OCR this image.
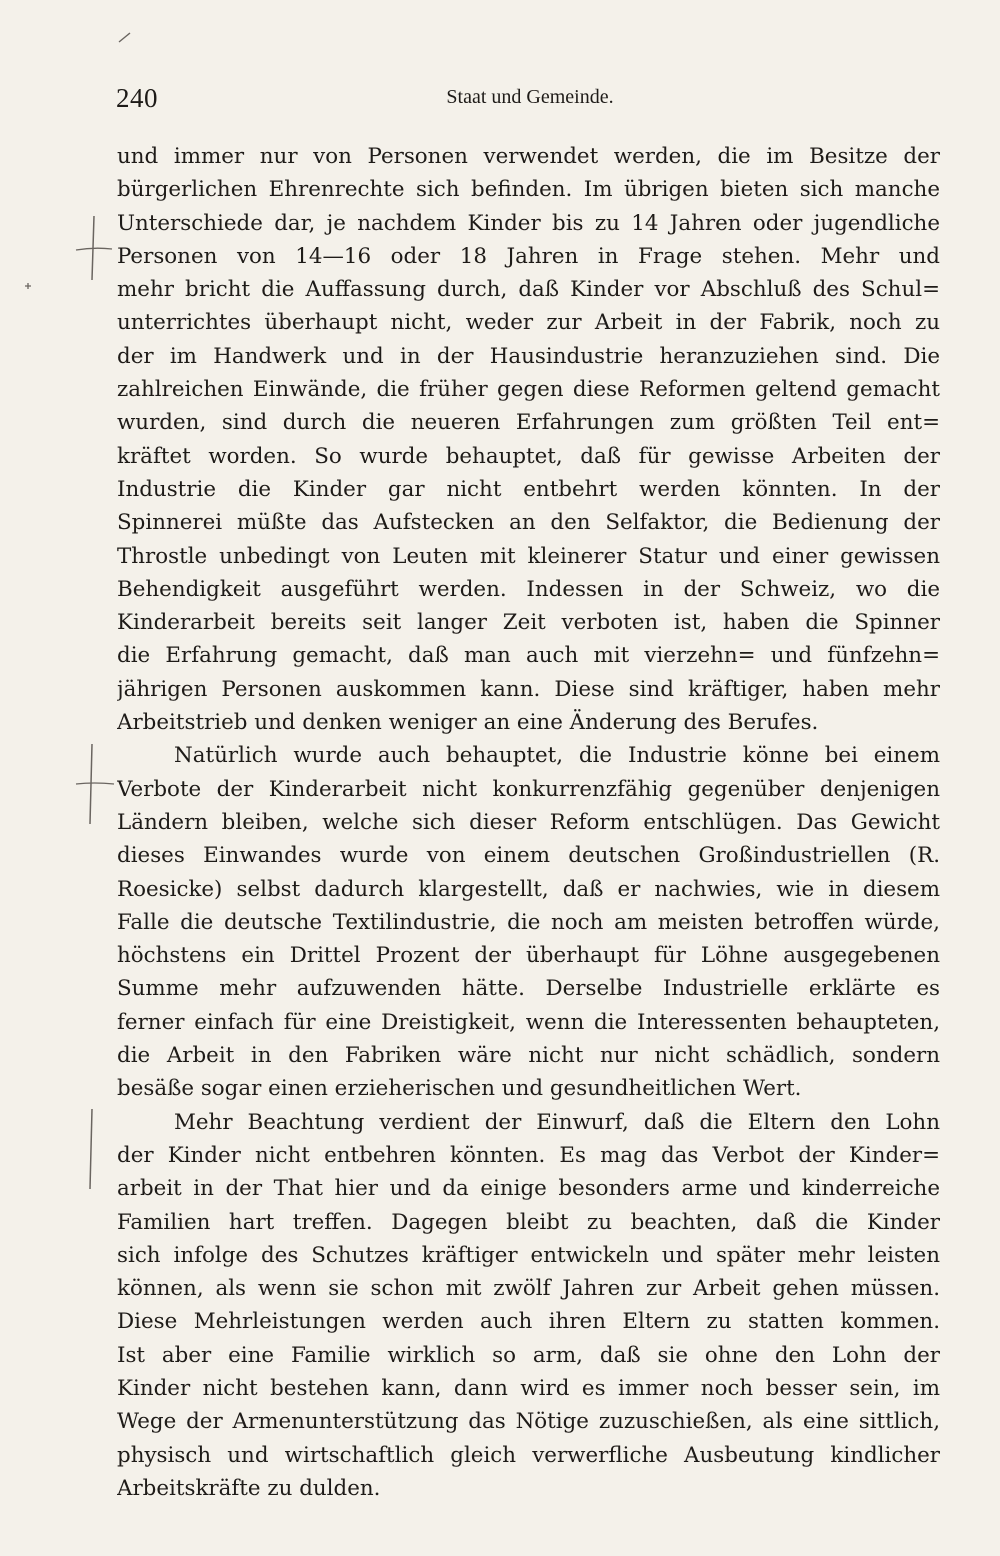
240	Staat und Gemeinde.
und immer nur von Personen verwendet werden, die im Besitze der
bürgerlichen Ehrenrechte sich befinden. Im übrigen bieten sich manche
Unterschiede dar, je nachdem Kinder bis zu 14 Jahren oder jugendliche
Personen von 14—16 oder 18 Jahren in Frage stehen. Mehr und
mehr bricht die Auffassung durch, daß Kinder vor Abschluß des Schul=
unterrichtes überhaupt nicht, weder zur Arbeit in der Fabrik, noch zu
der im Handwerk und in der Hausindustrie heranzuziehen sind. Die
zahlreichen Einwände, die früher gegen diese Reformen geltend gemacht
wurden, sind durch die neueren Erfahrungen zum größten Teil ent=
kräftet worden. So wurde behauptet, daß für gewisse Arbeiten der
Industrie die Kinder gar nicht entbehrt werden könnten. In der
Spinnerei müßte das Aufstecken an den Selfaktor, die Bedienung der
Throstle unbedingt von Leuten mit kleinerer Statur und einer gewissen
Behendigkeit ausgeführt werden. Indessen in der Schweiz, wo die
Kinderarbeit bereits seit langer Zeit verboten ist, haben die Spinner
die Erfahrung gemacht, daß man auch mit vierzehn= und fünfzehn=
jährigen Personen auskommen kann. Diese sind kräftiger, haben mehr
Arbeitstrieb und denken weniger an eine Änderung des Berufes.
Natürlich wurde auch behauptet, die Industrie könne bei einem
Verbote der Kinderarbeit nicht konkurrenzfähig gegenüber denjenigen
Ländern bleiben, welche sich dieser Reform entschlügen. Das Gewicht
dieses Einwandes wurde von einem deutschen Großindustriellen (R.
Roesicke) selbst dadurch klargestellt, daß er nachwies, wie in diesem
Falle die deutsche Textilindustrie, die noch am meisten betroffen würde,
höchstens ein Drittel Prozent der überhaupt für Löhne ausgegebenen
Summe mehr aufzuwenden hätte. Derselbe Industrielle erklärte es
ferner einfach für eine Dreistigkeit, wenn die Interessenten behaupteten,
die Arbeit in den Fabriken wäre nicht nur nicht schädlich, sondern
besäße sogar einen erzieherischen und gesundheitlichen Wert.
Mehr Beachtung verdient der Einwurf, daß die Eltern den Lohn
der Kinder nicht entbehren könnten. Es mag das Verbot der Kinder=
arbeit in der That hier und da einige besonders arme und kinderreiche
Familien hart treffen. Dagegen bleibt zu beachten, daß die Kinder
sich infolge des Schutzes kräftiger entwickeln und später mehr leisten
können, als wenn sie schon mit zwölf Jahren zur Arbeit gehen müssen.
Diese Mehrleistungen werden auch ihren Eltern zu statten kommen.
Ist aber eine Familie wirklich so arm, daß sie ohne den Lohn der
Kinder nicht bestehen kann, dann wird es immer noch besser sein, im
Wege der Armenunterstützung das Nötige zuzuschießen, als eine sittlich,
physisch und wirtschaftlich gleich verwerfliche Ausbeutung kindlicher
Arbeitskräfte zu dulden.
